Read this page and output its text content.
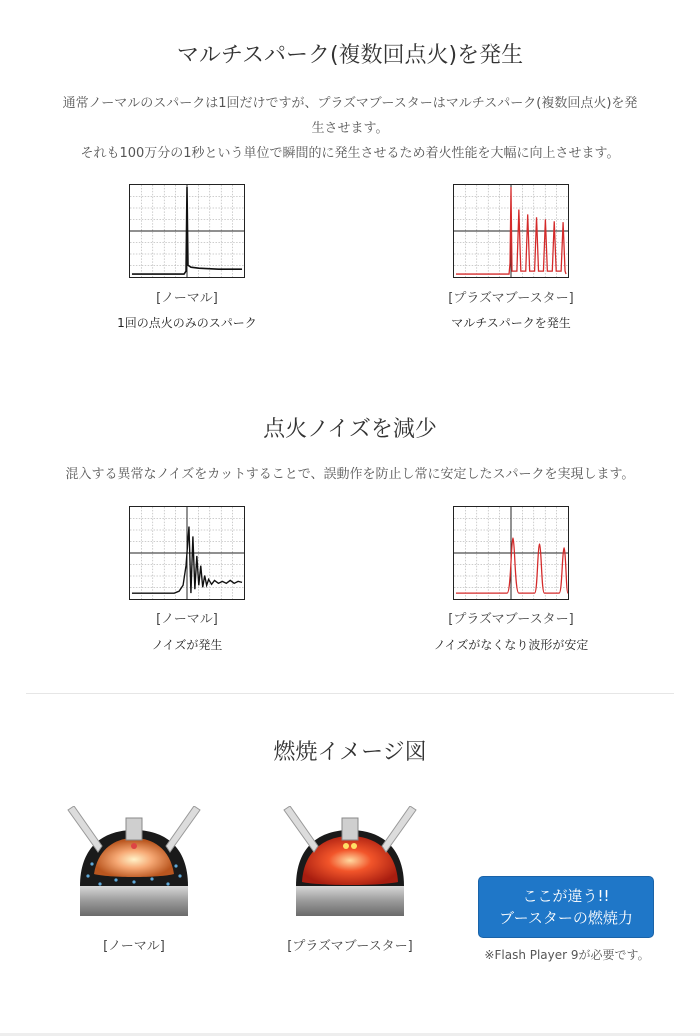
マルチスパーク(複数回点火)を発生
通常ノーマルのスパークは1回だけですが、プラズマブースターはマルチスパーク(複数回点火)を発
生させます。
それも100万分の1秒という単位で瞬間的に発生させるため着火性能を大幅に向上させます。
[ノーマル]
1回の点火のみのスパーク
[プラズマブースター]
マルチスパークを発生
点火ノイズを減少
混入する異常なノイズをカットすることで、誤動作を防止し常に安定したスパークを実現します。
[ノーマル]
ノイズが発生
[プラズマブースター]
ノイズがなくなり波形が安定
燃焼イメージ図
[ノーマル]	[プラズマブースター]
ここが違う!!
ブースターの燃焼力
※Flash Player 9が必要です。
